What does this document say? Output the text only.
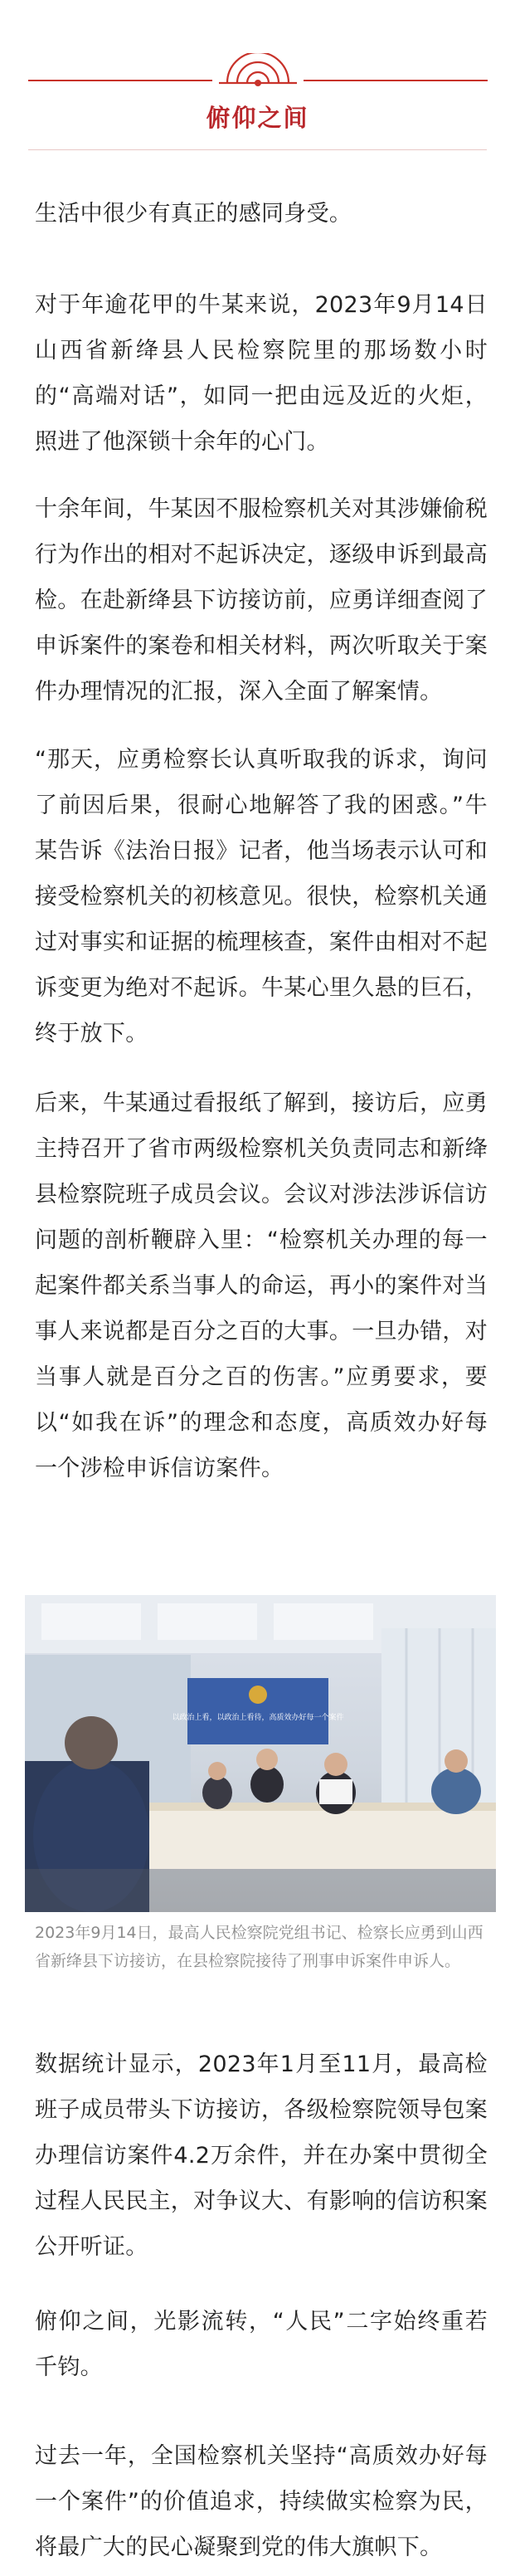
俯仰之间

生活中很少有真正的感同身受。

对于年逾花甲的牛某来说，2023年9月14日山西省新绛县人民检察院里的那场数小时的“高端对话”，如同一把由远及近的火炬，照进了他深锁十余年的心门。

十余年间，牛某因不服检察机关对其涉嫌偷税行为作出的相对不起诉决定，逐级申诉到最高检。在赴新绛县下访接访前，应勇详细查阅了申诉案件的案卷和相关材料，两次听取关于案件办理情况的汇报，深入全面了解案情。

“那天，应勇检察长认真听取我的诉求，询问了前因后果，很耐心地解答了我的困惑。”牛某告诉《法治日报》记者，他当场表示认可和接受检察机关的初核意见。很快，检察机关通过对事实和证据的梳理核查，案件由相对不起诉变更为绝对不起诉。牛某心里久悬的巨石，终于放下。

后来，牛某通过看报纸了解到，接访后，应勇主持召开了省市两级检察机关负责同志和新绛县检察院班子成员会议。会议对涉法涉诉信访问题的剖析鞭辟入里：“检察机关办理的每一起案件都关系当事人的命运，再小的案件对当事人来说都是百分之百的大事。一旦办错，对当事人就是百分之百的伤害。”应勇要求，要以“如我在诉”的理念和态度，高质效办好每一个涉检申诉信访案件。

以政治上看，以政治上看待，高质效办好每一个案件

2023年9月14日，最高人民检察院党组书记、检察长应勇到山西省新绛县下访接访，在县检察院接待了刑事申诉案件申诉人。

数据统计显示，2023年1月至11月，最高检班子成员带头下访接访，各级检察院领导包案办理信访案件4.2万余件，并在办案中贯彻全过程人民民主，对争议大、有影响的信访积案公开听证。

俯仰之间，光影流转，“人民”二字始终重若千钧。

过去一年，全国检察机关坚持“高质效办好每一个案件”的价值追求，持续做实检察为民，将最广大的民心凝聚到党的伟大旗帜下。
